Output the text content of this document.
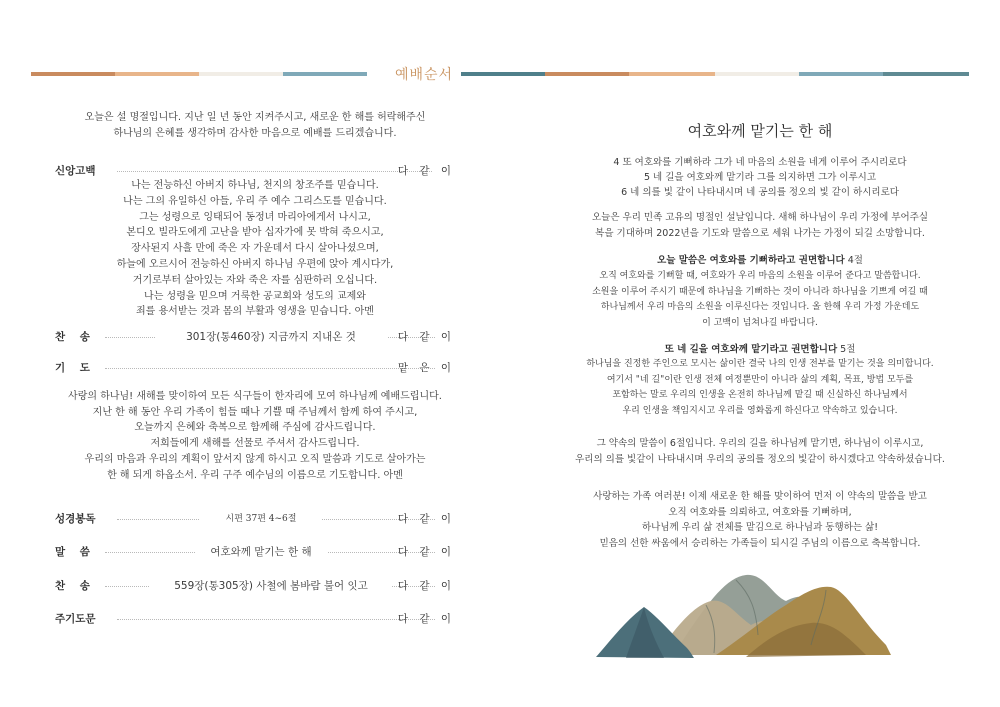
예배순서
오늘은 설 명절입니다. 지난 일 년 동안 지켜주시고, 새로운 한 해를 허락해주신
하나님의 은혜를 생각하며 감사한 마음으로 예배를 드리겠습니다.
신앙고백	다 같 이
나는 전능하신 아버지 하나님, 천지의 창조주를 믿습니다.
나는 그의 유일하신 아들, 우리 주 예수 그리스도를 믿습니다.
그는 성령으로 잉태되어 동정녀 마리아에게서 나시고,
본디오 빌라도에게 고난을 받아 십자가에 못 박혀 죽으시고,
장사된지 사흘 만에 죽은 자 가운데서 다시 살아나셨으며,
하늘에 오르시어 전능하신 아버지 하나님 우편에 앉아 계시다가,
거기로부터 살아있는 자와 죽은 자를 심판하러 오십니다.
나는 성령을 믿으며 거룩한 공교회와 성도의 교제와
죄를 용서받는 것과 몸의 부활과 영생을 믿습니다. 아멘
찬    송	301장(통460장) 지금까지 지내온 것	다 같 이
기    도	맡 은 이
사랑의 하나님! 새해를 맞이하여 모든 식구들이 한자리에 모여 하나님께 예배드립니다.
지난 한 해 동안 우리 가족이 힘들 때나 기쁠 때 주님께서 함께 하여 주시고,
오늘까지 은혜와 축복으로 함께해 주심에 감사드립니다.
저희들에게 새해를 선물로 주셔서 감사드립니다.
우리의 마음과 우리의 계획이 앞서지 않게 하시고 오직 말씀과 기도로 살아가는
한 해 되게 하옵소서. 우리 구주 예수님의 이름으로 기도합니다. 아멘
성경봉독	시편 37편 4~6절	다 같 이
말    씀	여호와께 맡기는 한 해	다 같 이
찬    송	559장(통305장) 사철에 봄바람 불어 잇고	다 같 이
주기도문	다 같 이
여호와께 맡기는 한 해
4 또 여호와를 기뻐하라 그가 네 마음의 소원을 네게 이루어 주시리로다
5 네 길을 여호와께 맡기라 그를 의지하면 그가 이루시고
6 네 의를 빛 같이 나타내시며 네 공의를 정오의 빛 같이 하시리로다
오늘은 우리 민족 고유의 명절인 설날입니다. 새해 하나님이 우리 가정에 부어주실
복을 기대하며 2022년을 기도와 말씀으로 세워 나가는 가정이 되길 소망합니다.
오늘 말씀은 여호와를 기뻐하라고 권면합니다 4절
오직 여호와를 기뻐할 때, 여호와가 우리 마음의 소원을 이루어 준다고 말씀합니다.
소원을 이루어 주시기 때문에 하나님을 기뻐하는 것이 아니라 하나님을 기쁘게 여길 때
하나님께서 우리 마음의 소원을 이루신다는 것입니다. 올 한해 우리 가정 가운데도
이 고백이 넘쳐나길 바랍니다.
또 네 길을 여호와께 맡기라고 권면합니다 5절
하나님을 진정한 주인으로 모시는 삶이란 결국 나의 인생 전부를 맡기는 것을 의미합니다.
여기서 "네 길"이란 인생 전체 여정뿐만이 아니라 삶의 계획, 목표, 방법 모두를
포함하는 말로 우리의 인생을 온전히 하나님께 맡길 때 신실하신 하나님께서
우리 인생을 책임지시고 우리를 영화롭게 하신다고 약속하고 있습니다.
그 약속의 말씀이 6절입니다. 우리의 길을 하나님께 맡기면, 하나님이 이루시고,
우리의 의를 빛같이 나타내시며 우리의 공의를 정오의 빛같이 하시겠다고 약속하셨습니다.
사랑하는 가족 여러분! 이제 새로운 한 해를 맞이하여 먼저 이 약속의 말씀을 받고
오직 여호와를 의뢰하고, 여호와를 기뻐하며,
하나님께 우리 삶 전체를 맡김으로 하나님과 동행하는 삶!
믿음의 선한 싸움에서 승리하는 가족들이 되시길 주님의 이름으로 축복합니다.
